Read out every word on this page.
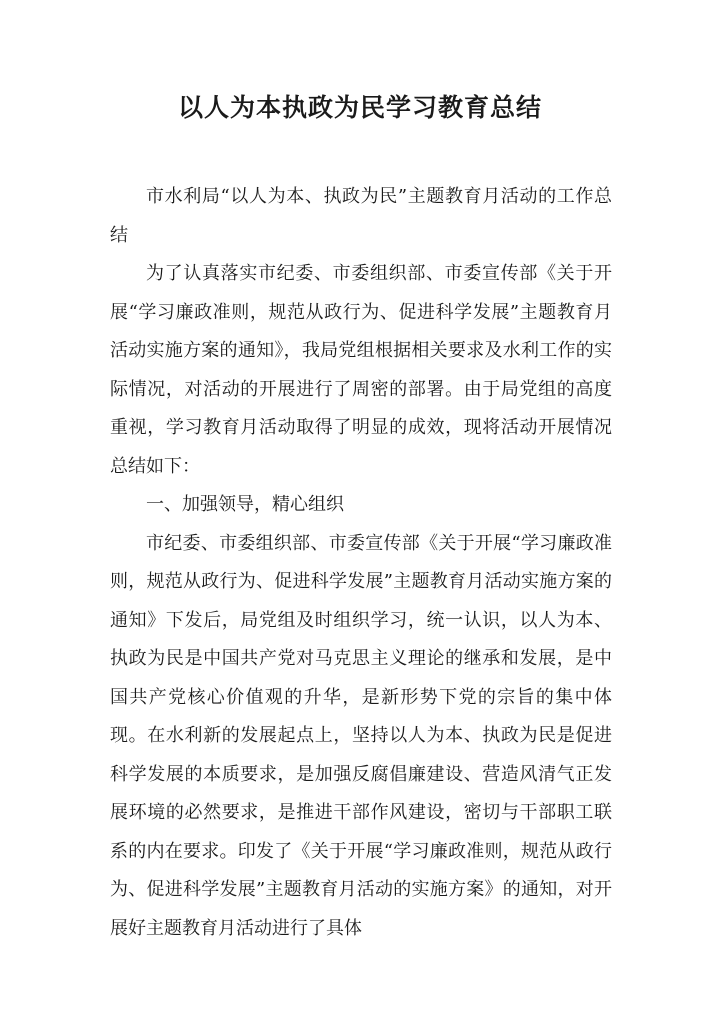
以人为本执政为民学习教育总结

市水利局“以人为本、执政为民”主题教育月活动的工作总结

为了认真落实市纪委、市委组织部、市委宣传部《关于开展“学习廉政准则，规范从政行为、促进科学发展”主题教育月活动实施方案的通知》，我局党组根据相关要求及水利工作的实际情况，对活动的开展进行了周密的部署。由于局党组的高度重视，学习教育月活动取得了明显的成效，现将活动开展情况总结如下：

一、加强领导，精心组织

市纪委、市委组织部、市委宣传部《关于开展“学习廉政准则，规范从政行为、促进科学发展”主题教育月活动实施方案的通知》下发后，局党组及时组织学习，统一认识，以人为本、执政为民是中国共产党对马克思主义理论的继承和发展，是中国共产党核心价值观的升华，是新形势下党的宗旨的集中体现。在水利新的发展起点上，坚持以人为本、执政为民是促进科学发展的本质要求，是加强反腐倡廉建设、营造风清气正发展环境的必然要求，是推进干部作风建设，密切与干部职工联系的内在要求。印发了《关于开展“学习廉政准则，规范从政行为、促进科学发展”主题教育月活动的实施方案》的通知，对开展好主题教育月活动进行了具体
